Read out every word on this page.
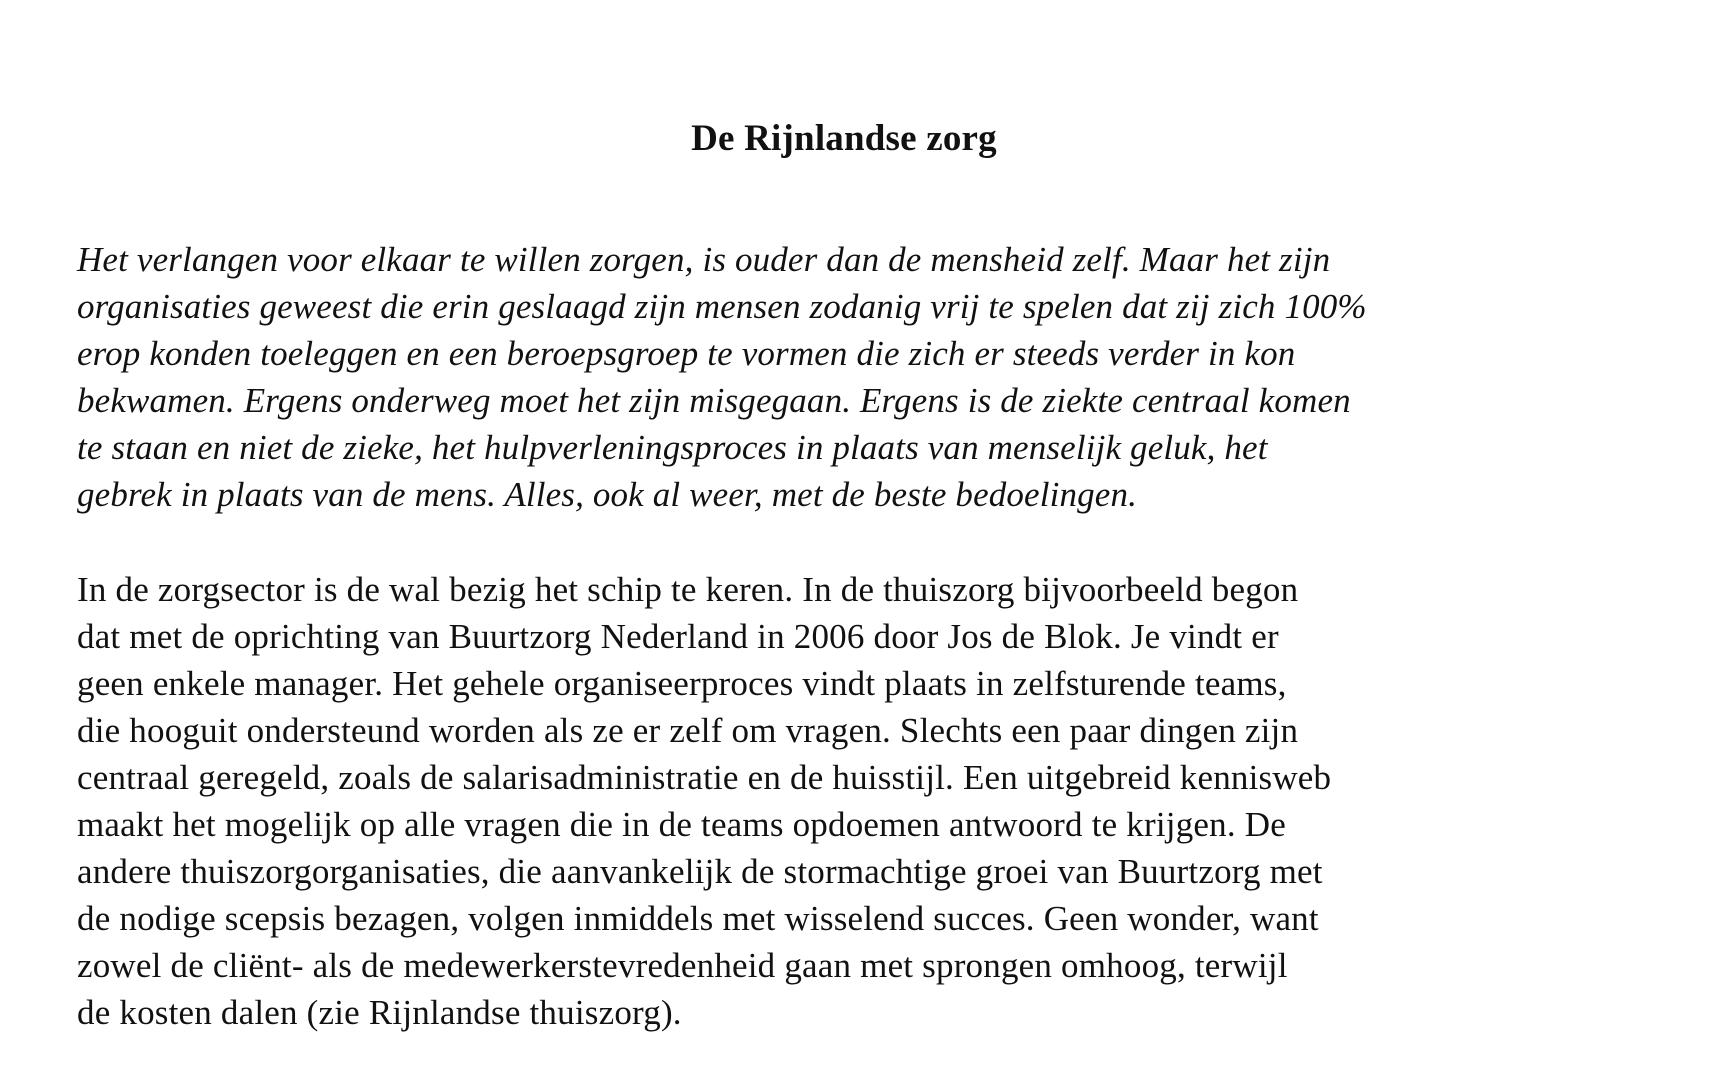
De Rijnlandse zorg
Het verlangen voor elkaar te willen zorgen, is ouder dan de mensheid zelf. Maar het zijn
organisaties geweest die erin geslaagd zijn mensen zodanig vrij te spelen dat zij zich 100%
erop konden toeleggen en een beroepsgroep te vormen die zich er steeds verder in kon
bekwamen. Ergens onderweg moet het zijn misgegaan. Ergens is de ziekte centraal komen
te staan en niet de zieke, het hulpverleningsproces in plaats van menselijk geluk, het
gebrek in plaats van de mens. Alles, ook al weer, met de beste bedoelingen.
In de zorgsector is de wal bezig het schip te keren. In de thuiszorg bijvoorbeeld begon
dat met de oprichting van Buurtzorg Nederland in 2006 door Jos de Blok. Je vindt er
geen enkele manager. Het gehele organiseerproces vindt plaats in zelfsturende teams,
die hooguit ondersteund worden als ze er zelf om vragen. Slechts een paar dingen zijn
centraal geregeld, zoals de salarisadministratie en de huisstijl. Een uitgebreid kennisweb
maakt het mogelijk op alle vragen die in de teams opdoemen antwoord te krijgen. De
andere thuiszorgorganisaties, die aanvankelijk de stormachtige groei van Buurtzorg met
de nodige scepsis bezagen, volgen inmiddels met wisselend succes. Geen wonder, want
zowel de cliënt- als de medewerkerstevredenheid gaan met sprongen omhoog, terwijl
de kosten dalen (zie Rijnlandse thuiszorg).
